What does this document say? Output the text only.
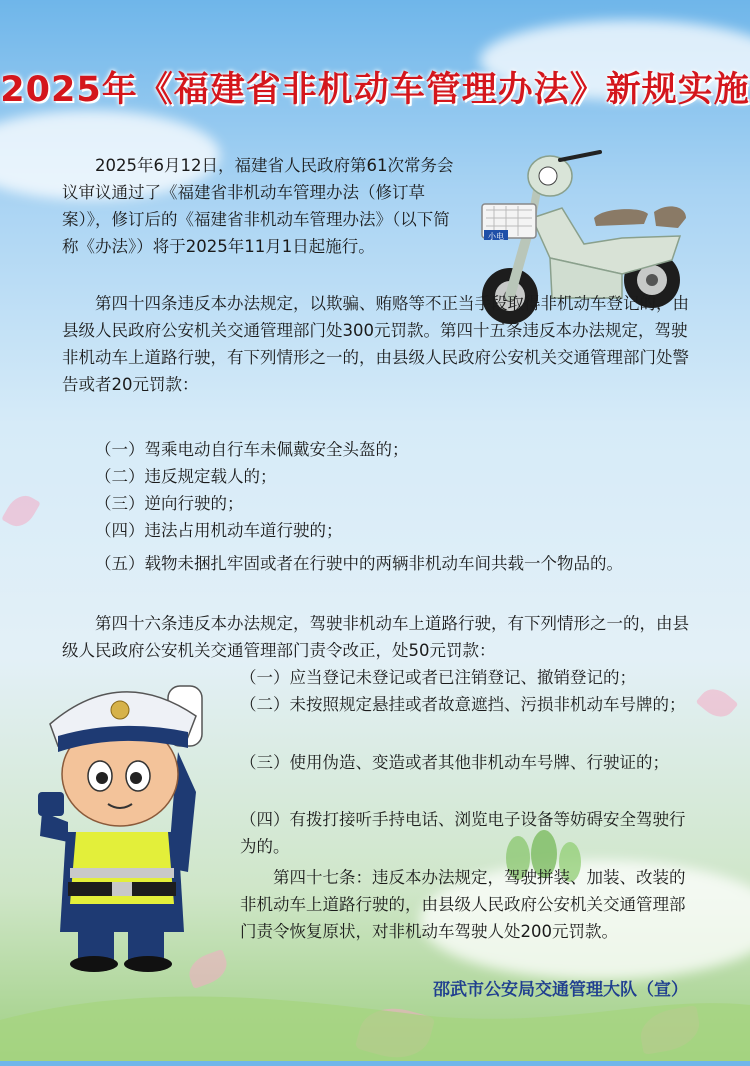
2025年《福建省非机动车管理办法》新规实施
小电
2025年6月12日，福建省人民政府第61次常务会议审议通过了《福建省非机动车管理办法（修订草案）》，修订后的《福建省非机动车管理办法》（以下简称《办法》）将于2025年11月1日起施行。
第四十四条违反本办法规定，以欺骗、贿赂等不正当手段取得非机动车登记的，由县级人民政府公安机关交通管理部门处300元罚款。第四十五条违反本办法规定，驾驶非机动车上道路行驶，有下列情形之一的，由县级人民政府公安机关交通管理部门处警告或者20元罚款：
（一）驾乘电动自行车未佩戴安全头盔的；
（二）违反规定载人的；
（三）逆向行驶的；
（四）违法占用机动车道行驶的；
（五）载物未捆扎牢固或者在行驶中的两辆非机动车间共载一个物品的。
第四十六条违反本办法规定，驾驶非机动车上道路行驶，有下列情形之一的，由县级人民政府公安机关交通管理部门责令改正，处50元罚款：
（一）应当登记未登记或者已注销登记、撤销登记的；
（二）未按照规定悬挂或者故意遮挡、污损非机动车号牌的；
（三）使用伪造、变造或者其他非机动车号牌、行驶证的；
（四）有拨打接听手持电话、浏览电子设备等妨碍安全驾驶行为的。
第四十七条：违反本办法规定，驾驶拼装、加装、改装的非机动车上道路行驶的，由县级人民政府公安机关交通管理部门责令恢复原状，对非机动车驾驶人处200元罚款。
邵武市公安局交通管理大队（宣）
